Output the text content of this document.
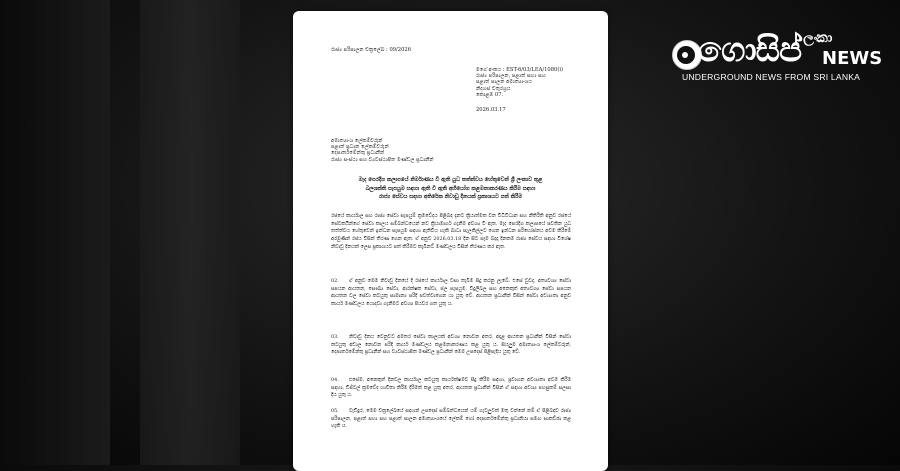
රාජ්‍ය පරිපාලන චක්‍රලේඛ : 09/2026
මගේ අංකය : EST-6/03/LEA/1080(i)
රාජ්‍ය පරිපාලන, පළාත් සභා සහ
පළාත් පාලන අමාත්‍යාංශය
නිදහස් චතුරශ්‍රය
කොළඹ 07.
2026.03.17
අමාත්‍යාංශ ලේකම්වරුන්
පළාත් ප්‍රධාන ලේකම්වරුන්
දෙපාර්තමේන්තු ප්‍රධානීන්
රාජ්‍ය සංස්ථා සහ ව්‍යවස්ථාපිත මණ්ඩල ප්‍රධානීන්
මැද පෙරදිග කලාපයේ නිර්මාණය වී ඇති යුධ තත්ත්වය හේතුවෙන් ශ්‍රී ලංකාව තුළ
බලශක්ති සැපයුම සඳහා ඇති වී ඇති අභියෝග කළමනාකරණය කිරීම සඳහා
රාජ්‍ය සේවය සඳහා අතිරේක නිවාඩු දිනයක් ප්‍රකාශයට පත් කිරීම
රජයේ කාර්යාල සහ රාජ්‍ය සේවා සැපයුම් ක්‍රමවේදය පිළිබඳ දැනට ක්‍රියාත්මක වන විධිවිධාන සහ නීතිරීති අනුව රජයේ සේවකයින්ගේ සේවා කාලය සම්බන්ධයෙන් නව ක්‍රියාමාර්ග ගැනීම අවශ්‍ය වී ඇත. මැද පෙරදිග කලාපයේ පවතින යුධ තත්ත්වය හේතුවෙන් ඉන්ධන සැපයුම සඳහා ඇතිවිය හැකි බාධා සැලකිල්ලට ගෙන ඉන්ධන පරිභෝජනය අවම කිරීමේ අරමුණින් රජය විසින් තීරණ ගෙන ඇත. ඒ අනුව 2026.03.18 දින සිට සෑම බදාදා දිනකම රාජ්‍ය සේවය සඳහා විශේෂ නිවාඩු දිනයක් ලෙස ප්‍රකාශයට පත් කිරීමට කැබිනට් මණ්ඩලය විසින් තීරණය කර ඇත.
02. ඒ අනුව මෙම නිවාඩු දිනයේ දී රජයේ කාර්යාල වසා තැබීම සිදු කරනු ලැබේ. එසේ වුවද, අත්‍යවශ්‍ය සේවා සපයන ආයතන, සෞඛ්‍ය සේවා, ආරක්ෂක සේවා, ජල සැපයුම, විදුලිබල සහ අනෙකුත් අත්‍යවශ්‍ය සේවා සපයන ආයතන වල සේවා කටයුතු සාමාන්‍ය පරිදි පවත්වාගෙන යා යුතු වේ. ආයතන ප්‍රධානීන් විසින් සේවා අවශ්‍යතා අනුව කාර්ය මණ්ඩලය යොදවා ගැනීමට අවශ්‍ය පියවර ගත යුතු ය.
03. නිවාඩු දිනය වෙනුවට අමතර සේවා කාලයක් අවශ්‍ය නොවන අතර, අදාළ ආයතන ප්‍රධානීන් විසින් සේවා කටයුතු අඩාල නොවන පරිදි කාර්ය මණ්ඩලය කළමනාකරණය කළ යුතු ය. සියලුම අමාත්‍යාංශ ලේකම්වරුන්, දෙපාර්තමේන්තු ප්‍රධානීන් සහ ව්‍යවස්ථාපිත මණ්ඩල ප්‍රධානීන් මෙම උපදෙස් පිළිපැදිය යුතු වේ.
04. එසේම, අනෙකුත් දිනවල කාර්යාල කටයුතු කාර්යක්ෂමව සිදු කිරීම සඳහා, ප්‍රවාහන අවශ්‍යතා අවම කිරීම සඳහා, ඩිජිටල් ක්‍රමවේද භාවිතා කිරීම දිරිමත් කළ යුතු අතර, ආයතන ප්‍රධානීන් විසින් ඒ සඳහා අවශ්‍ය පහසුකම් සලසා දිය යුතු ය.
05. වැඩිදුර, මෙම චක්‍රලේඛයේ සඳහන් උපදෙස් සම්බන්ධයෙන් යම් ගැටලුවක් මතු වන්නේ නම් ඒ පිළිබඳව රාජ්‍ය පරිපාලන, පළාත් සභා සහ පළාත් පාලන අමාත්‍යාංශයේ ලේකම් හෝ දෙපාර්තමේන්තු ප්‍රධානියා සමඟ සාකච්ඡා කළ හැකි ය.
ගොසිප් $^{ලංකා}$
NEWS
UNDERGROUND NEWS FROM SRI LANKA
